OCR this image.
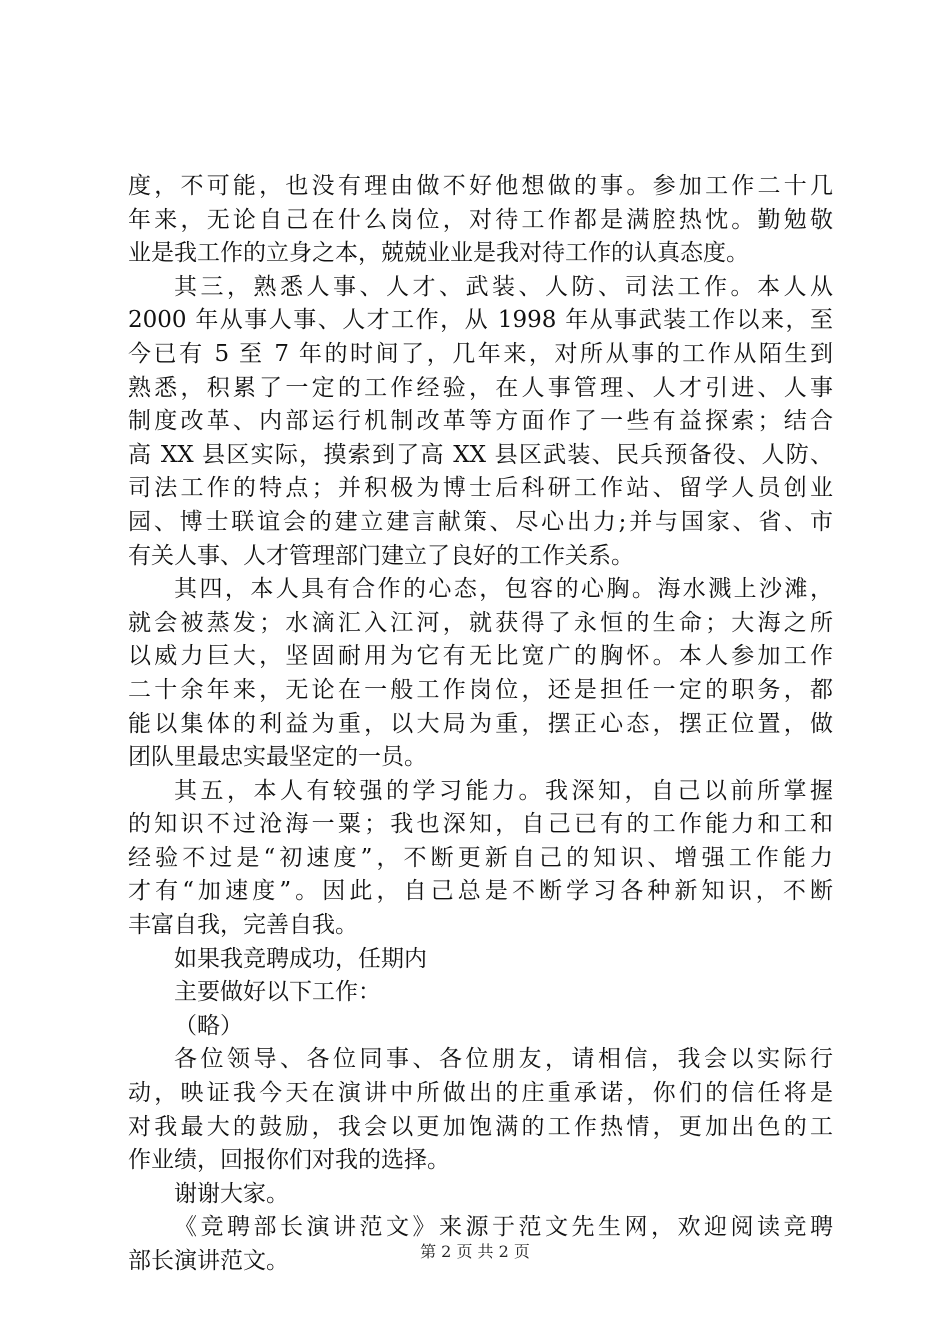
度，不可能，也没有理由做不好他想做的事。参加工作二十几
年来，无论自己在什么岗位，对待工作都是满腔热忱。勤勉敬
业是我工作的立身之本，兢兢业业是我对待工作的认真态度。
其三，熟悉人事、人才、武装、人防、司法工作。本人从
2000 年从事人事、人才工作，从 1998 年从事武装工作以来，至
今已有 5 至 7 年的时间了，几年来，对所从事的工作从陌生到
熟悉，积累了一定的工作经验，在人事管理、人才引进、人事
制度改革、内部运行机制改革等方面作了一些有益探索；结合
高 XX 县区实际，摸索到了高 XX 县区武装、民兵预备役、人防、
司法工作的特点；并积极为博士后科研工作站、留学人员创业
园、博士联谊会的建立建言献策、尽心出力;并与国家、省、市
有关人事、人才管理部门建立了良好的工作关系。
其四，本人具有合作的心态，包容的心胸。海水溅上沙滩，
就会被蒸发；水滴汇入江河，就获得了永恒的生命；大海之所
以威力巨大，坚固耐用为它有无比宽广的胸怀。本人参加工作
二十余年来，无论在一般工作岗位，还是担任一定的职务，都
能以集体的利益为重，以大局为重，摆正心态，摆正位置，做
团队里最忠实最坚定的一员。
其五，本人有较强的学习能力。我深知，自己以前所掌握
的知识不过沧海一粟；我也深知，自己已有的工作能力和工和
经验不过是“初速度”，不断更新自己的知识、增强工作能力
才有“加速度”。因此，自己总是不断学习各种新知识，不断
丰富自我，完善自我。
如果我竞聘成功，任期内
主要做好以下工作：
（略）
各位领导、各位同事、各位朋友，请相信，我会以实际行
动，映证我今天在演讲中所做出的庄重承诺，你们的信任将是
对我最大的鼓励，我会以更加饱满的工作热情，更加出色的工
作业绩，回报你们对我的选择。
谢谢大家。
《竞聘部长演讲范文》来源于范文先生网，欢迎阅读竞聘
部长演讲范文。	第 2 页 共 2 页
